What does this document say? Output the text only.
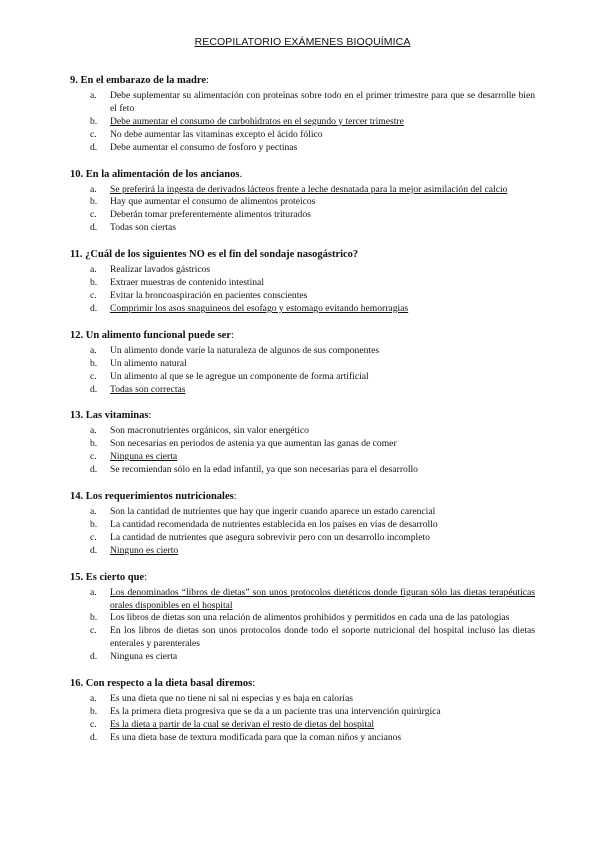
RECOPILATORIO EXÁMENES BIOQUÍMICA
9. En el embarazo de la madre:
a.	Debe suplementar su alimentación con proteínas sobre todo en el primer trimestre para que se desarrolle bien el feto
b.	Debe aumentar el consumo de carbohidratos en el segundo y tercer trimestre
c.	No debe aumentar las vitaminas excepto el ácido fólico
d.	Debe aumentar el consumo de fosforo y pectinas
10. En la alimentación de los ancianos.
a.	Se preferirá la ingesta de derivados lácteos frente a leche desnatada para la mejor asimilación del calcio
b.	Hay que aumentar el consumo de alimentos proteicos
c.	Deberán tomar preferentemente alimentos triturados
d.	Todas son ciertas
11. ¿Cuál de los siguientes NO es el fin del sondaje nasogástrico?
a.	Realizar lavados gástricos
b.	Extraer muestras de contenido intestinal
c.	Evitar la broncoaspiración en pacientes conscientes
d.	Comprimir los asos snaguineos del esofago y estomago evitando hemorragias
12. Un alimento funcional puede ser:
a.	Un alimento donde varíe la naturaleza de algunos de sus componentes
b.	Un alimento natural
c.	Un alimento al que se le agregue un componente de forma artificial
d.	Todas son correctas
13. Las vitaminas:
a.	Son macronutrientes orgánicos, sin valor energético
b.	Son necesarias en periodos de astenia ya que aumentan las ganas de comer
c.	Ninguna es cierta
d.	Se recomiendan sólo en la edad infantil, ya que son necesarias para el desarrollo
14. Los requerimientos nutricionales:
a.	Son la cantidad de nutrientes que hay que ingerir cuando aparece un estado carencial
b.	La cantidad recomendada de nutrientes establecida en los países en vías de desarrollo
c.	La cantidad de nutrientes que asegura sobrevivir pero con un desarrollo incompleto
d.	Ninguno es cierto
15. Es cierto que:
a.	Los denominados “libros de dietas” son unos protocolos dietéticos donde figuran sólo las dietas terapéuticas orales disponibles en el hospital
b.	Los libros de dietas son una relación de alimentos prohibidos y permitidos en cada una de las patologías
c.	En los libros de dietas son unos protocolos donde todo el soporte nutricional del hospital incluso las dietas enterales y parenterales
d.	Ninguna es cierta
16. Con respecto a la dieta basal diremos:
a.	Es una dieta que no tiene ni sal ni especias y es baja en calorías
b.	Es la primera dieta progresiva que se da a un paciente tras una intervención quirúrgica
c.	Es la dieta a partir de la cual se derivan el resto de dietas del hospital
d.	Es una dieta base de textura modificada para que la coman niños y ancianos
